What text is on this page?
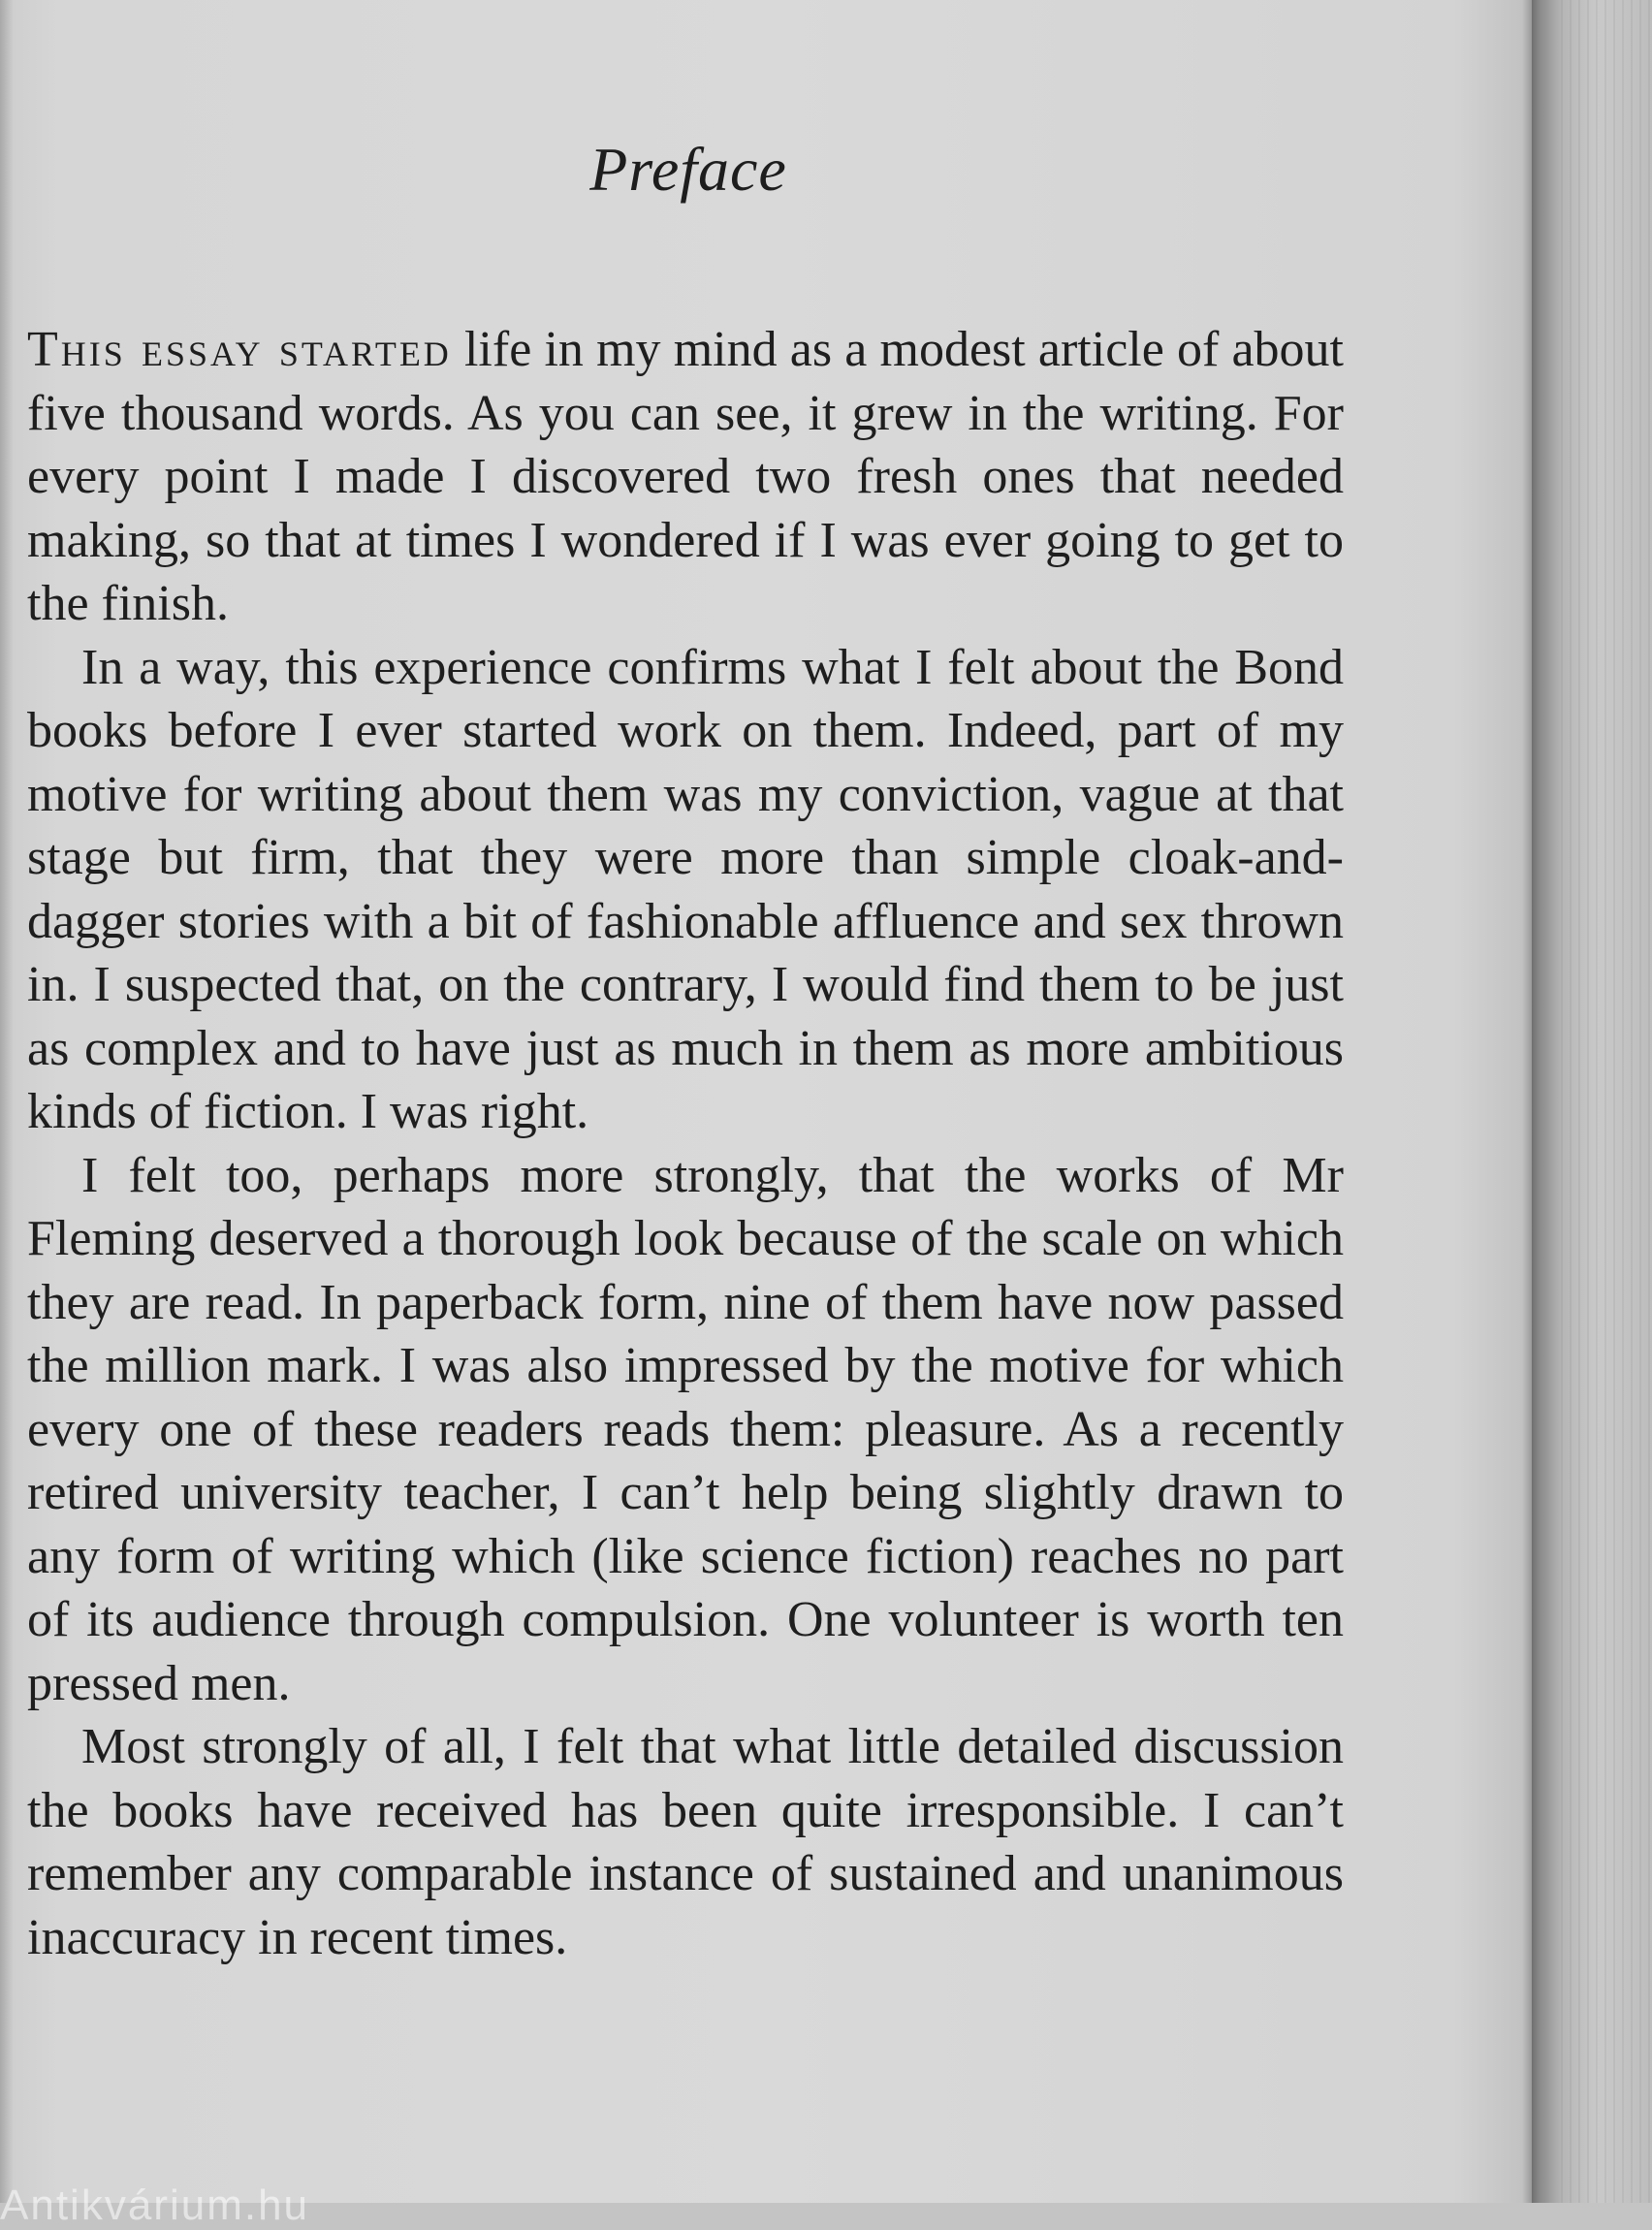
Preface

This essay started life in my mind as a modest article of about five thousand words. As you can see, it grew in the writing. For every point I made I discovered two fresh ones that needed making, so that at times I wondered if I was ever going to get to the finish.

In a way, this experience confirms what I felt about the Bond books before I ever started work on them. Indeed, part of my motive for writing about them was my conviction, vague at that stage but firm, that they were more than simple cloak-and-dagger stories with a bit of fashionable affluence and sex thrown in. I suspected that, on the contrary, I would find them to be just as complex and to have just as much in them as more ambitious kinds of fiction. I was right.

I felt too, perhaps more strongly, that the works of Mr Fleming deserved a thorough look because of the scale on which they are read. In paperback form, nine of them have now passed the million mark. I was also impressed by the motive for which every one of these readers reads them: pleasure. As a recently retired university teacher, I can’t help being slightly drawn to any form of writing which (like science fiction) reaches no part of its audience through compulsion. One volunteer is worth ten pressed men.

Most strongly of all, I felt that what little detailed discussion the books have received has been quite irresponsible. I can’t remember any comparable instance of sustained and unanimous inaccuracy in recent times.

Antikvárium.hu
